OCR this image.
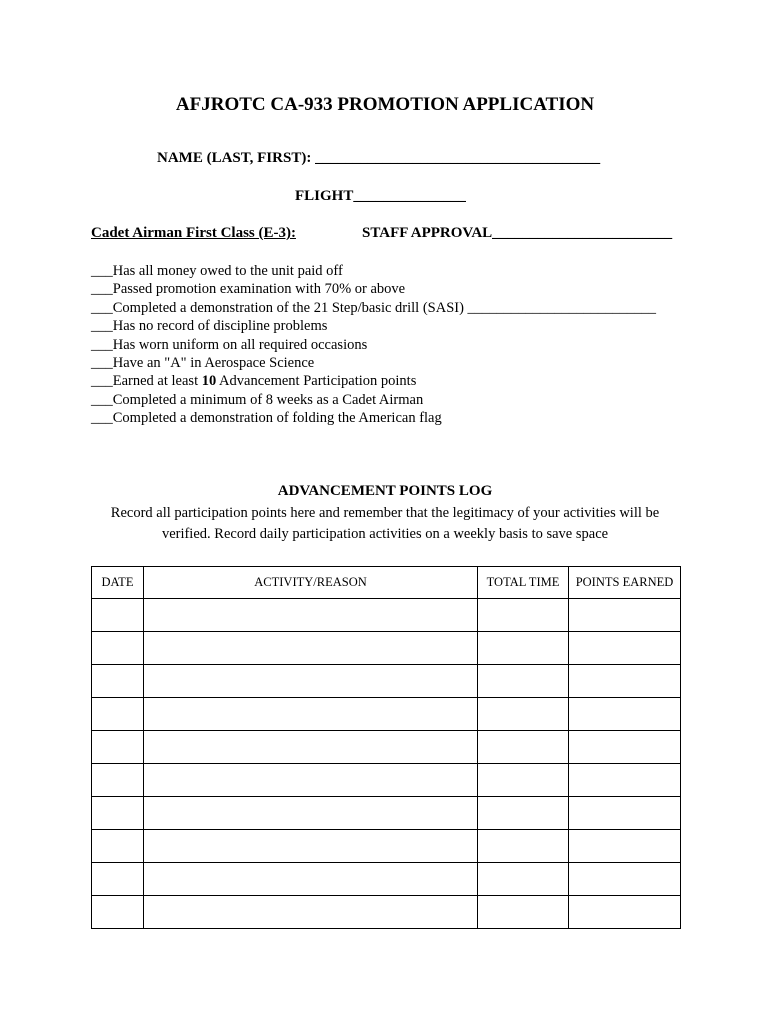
AFJROTC CA-933 PROMOTION APPLICATION
NAME (LAST, FIRST): ______________________________________
FLIGHT_______________
Cadet Airman First Class (E-3):	STAFF APPROVAL________________________
___Has all money owed to the unit paid off
___Passed promotion examination with 70% or above
___Completed a demonstration of the 21 Step/basic drill (SASI) __________________________
___Has no record of discipline problems
___Has worn uniform on all required occasions
___Have an "A" in Aerospace Science
___Earned at least 10 Advancement Participation points
___Completed a minimum of 8 weeks as a Cadet Airman
___Completed a demonstration of folding the American flag
ADVANCEMENT POINTS LOG
Record all participation points here and remember that the legitimacy of your activities will be verified. Record daily participation activities on a weekly basis to save space
DATE	ACTIVITY/REASON	TOTAL TIME	POINTS EARNED
